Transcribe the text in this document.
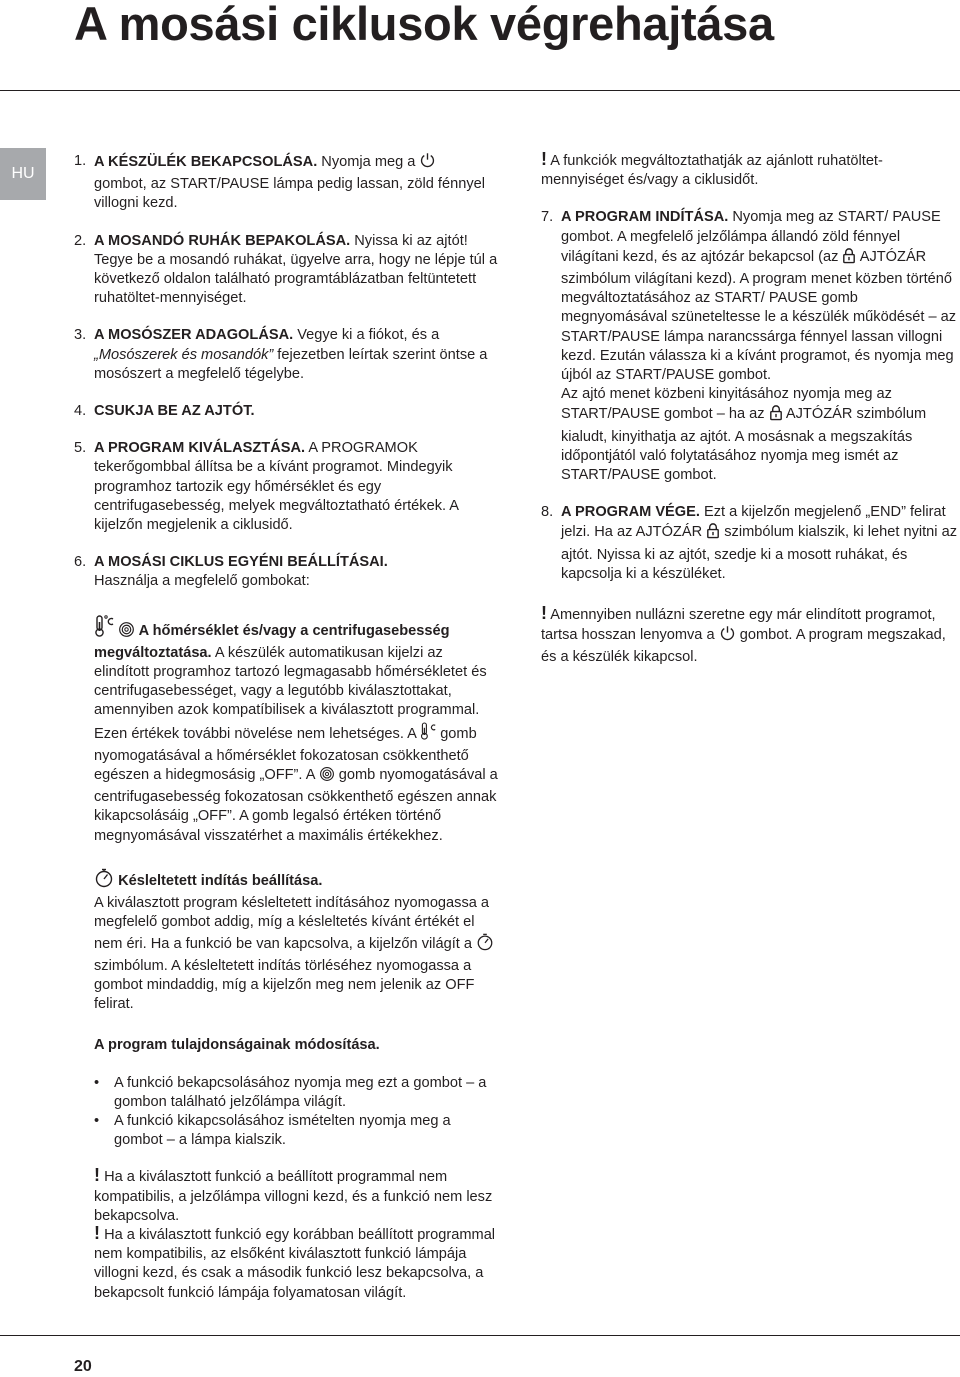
A mosási ciklusok végrehajtása
HU
1. A KÉSZÜLÉK BEKAPCSOLÁSA. Nyomja meg a
gombot, az START/PAUSE lámpa pedig lassan, zöld fénnyel villogni kezd.
2. A MOSANDÓ RUHÁK BEPAKOLÁSA. Nyissa ki az ajtót! Tegye be a mosandó ruhákat, ügyelve arra, hogy ne lépje túl a következő oldalon található programtáblázatban feltüntetett ruhatöltet-mennyiséget.
3. A MOSÓSZER ADAGOLÁSA. Vegye ki a fiókot, és a „Mosószerek és mosandók” fejezetben leírtak szerint öntse a mosószert a megfelelő tégelybe.
4. CSUKJA BE AZ AJTÓT.
5. A PROGRAM KIVÁLASZTÁSA. A PROGRAMOK tekerőgombbal állítsa be a kívánt programot. Mindegyik programhoz tartozik egy hőmérséklet és egy centrifugasebesség, melyek megváltoztatható értékek. A kijelzőn megjelenik a ciklusidő.
6. A MOSÁSI CIKLUS EGYÉNI BEÁLLÍTÁSAI.
Használja a megfelelő gombokat:
A hőmérséklet és/vagy a centrifugasebesség megváltoztatása. A készülék automatikusan kijelzi az elindított programhoz tartozó legmagasabb hőmérsékletet és centrifugasebességet, vagy a legutóbb kiválasztottakat, amennyiben azok kompatíbilisek a kiválasztott programmal. Ezen értékek további növelése nem lehetséges. A  gomb nyomogatásával a hőmérséklet fokozatosan csökkenthető egészen a hidegmosásig „OFF”. A  gomb nyomogatásával a centrifugasebesség fokozatosan csökkenthető egészen annak kikapcsolásáig „OFF”. A gomb legalsó értéken történő megnyomásával visszatérhet a maximális értékekhez.
Késleltetett indítás beállítása.
A kiválasztott program késleltetett indításához nyomogassa a megfelelő gombot addig, míg a késleltetés kívánt értékét el nem éri. Ha a funkció be van kapcsolva, a kijelzőn világít a  szimbólum. A késleltetett indítás törléséhez nyomogassa a gombot mindaddig, míg a kijelzőn meg nem jelenik az OFF felirat.
A program tulajdonságainak módosítása.
• A funkció bekapcsolásához nyomja meg ezt a gombot – a gombon található jelzőlámpa világít.
• A funkció kikapcsolásához ismételten nyomja meg a gombot – a lámpa kialszik.
! Ha a kiválasztott funkció a beállított programmal nem kompatibilis, a jelzőlámpa villogni kezd, és a funkció nem lesz bekapcsolva.
! Ha a kiválasztott funkció egy korábban beállított programmal nem kompatibilis, az elsőként kiválasztott funkció lámpája villogni kezd, és csak a második funkció lesz bekapcsolva, a bekapcsolt funkció lámpája folyamatosan világít.
! A funkciók megváltoztathatják az ajánlott ruhatöltet-mennyiséget és/vagy a ciklusidőt.
7. A PROGRAM INDÍTÁSA. Nyomja meg az START/ PAUSE gombot. A megfelelő jelzőlámpa állandó zöld fénnyel világítani kezd, és az ajtózár bekapcsol (az  AJTÓZÁR szimbólum világítani kezd). A program menet közben történő megváltoztatásához az START/ PAUSE gomb megnyomásával szüneteltesse le a készülék működését – az START/PAUSE lámpa narancssárga fénnyel lassan villogni kezd. Ezután válassza ki a kívánt programot, és nyomja meg újból az START/PAUSE gombot.
Az ajtó menet közbeni kinyitásához nyomja meg az START/PAUSE gombot – ha az  AJTÓZÁR szimbólum kialudt, kinyithatja az ajtót. A mosásnak a megszakítás időpontjától való folytatásához nyomja meg ismét az START/PAUSE gombot.
8. A PROGRAM VÉGE. Ezt a kijelzőn megjelenő „END” felirat jelzi. Ha az AJTÓZÁR  szimbólum kialszik, ki lehet nyitni az ajtót. Nyissa ki az ajtót, szedje ki a mosott ruhákat, és kapcsolja ki a készüléket.
! Amennyiben nullázni szeretne egy már elindított programot, tartsa hosszan lenyomva a  gombot. A program megszakad, és a készülék kikapcsol.
20
